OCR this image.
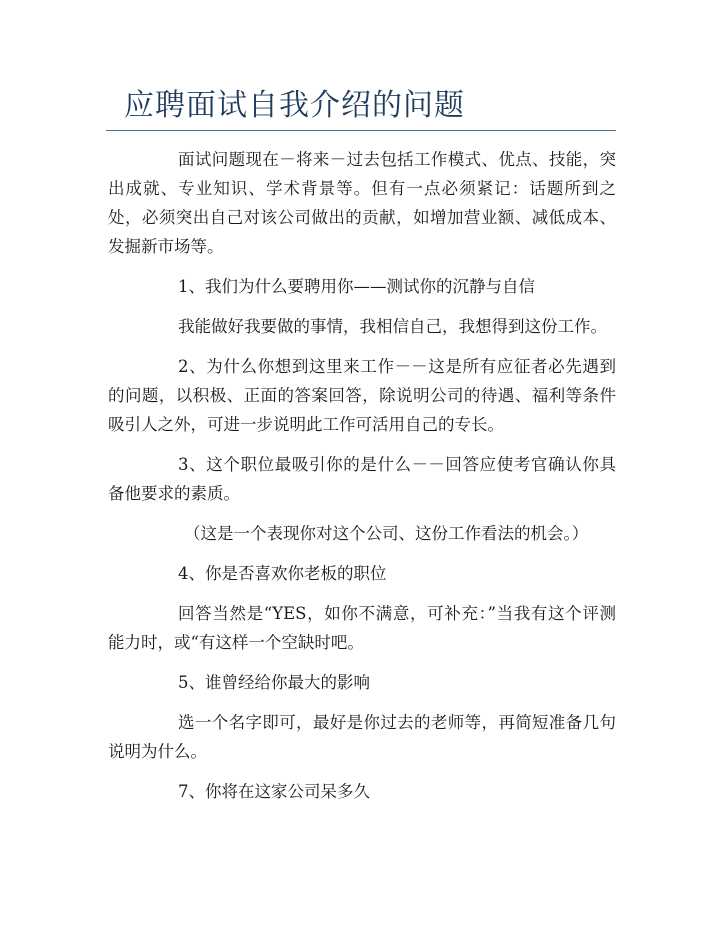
应聘面试自我介绍的问题

面试问题现在－将来－过去包括工作模式、优点、技能，突出成就、专业知识、学术背景等。但有一点必须紧记：话题所到之处，必须突出自己对该公司做出的贡献，如增加营业额、减低成本、发掘新市场等。

1、我们为什么要聘用你——测试你的沉静与自信

我能做好我要做的事情，我相信自己，我想得到这份工作。

2、为什么你想到这里来工作－－这是所有应征者必先遇到的问题，以积极、正面的答案回答，除说明公司的待遇、福利等条件吸引人之外，可进一步说明此工作可活用自己的专长。

3、这个职位最吸引你的是什么－－回答应使考官确认你具备他要求的素质。

（这是一个表现你对这个公司、这份工作看法的机会。）

4、你是否喜欢你老板的职位

回答当然是“YES，如你不满意，可补充：”当我有这个评测能力时，或“有这样一个空缺时吧。

5、谁曾经给你最大的影响

选一个名字即可，最好是你过去的老师等，再简短准备几句说明为什么。

7、你将在这家公司呆多久
